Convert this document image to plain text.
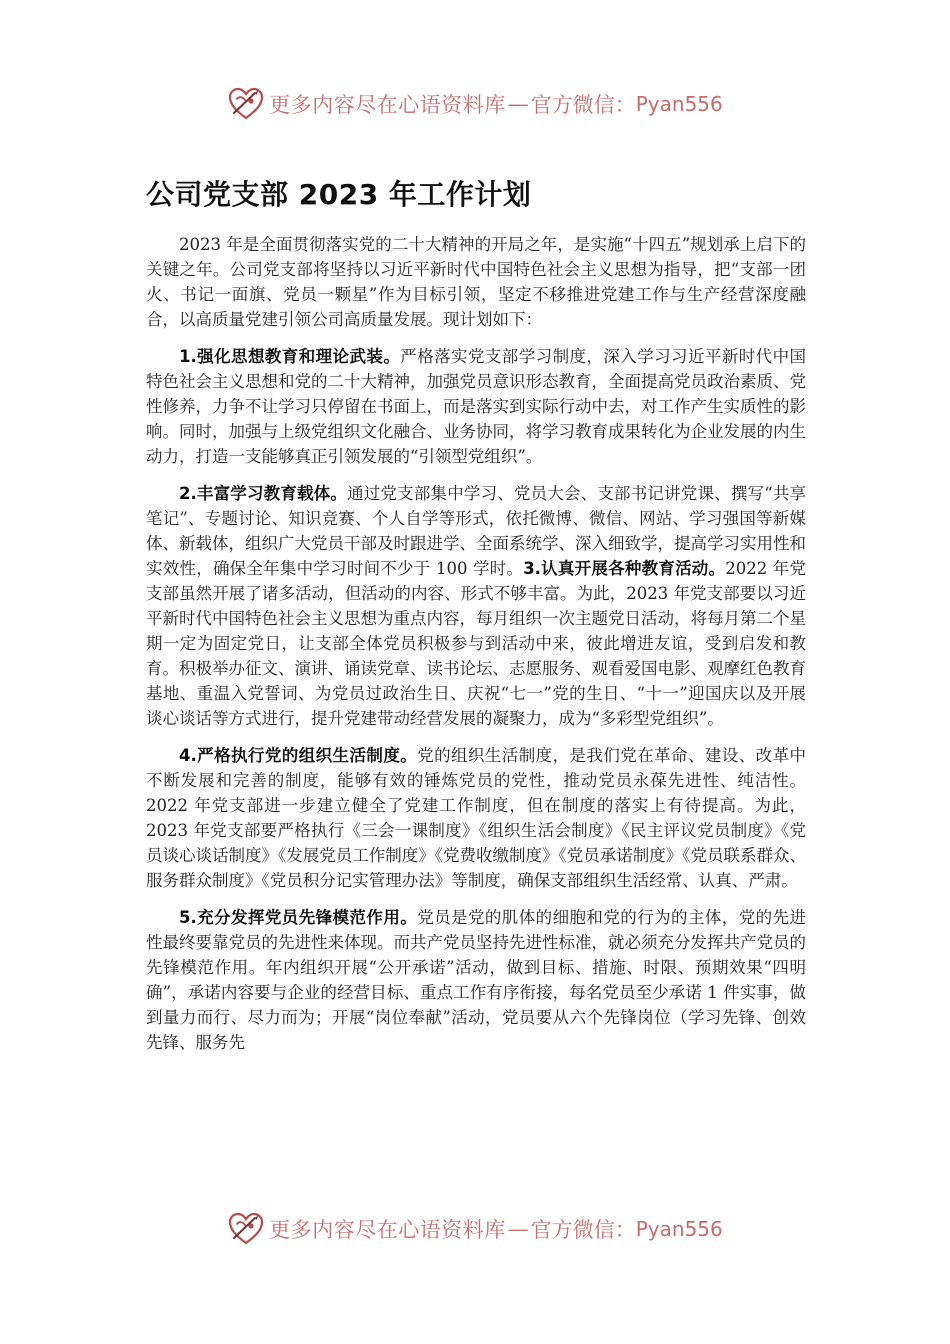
更多内容尽在心语资料库 — 官方微信： Pyan556
公司党支部 2023 年工作计划

2023 年是全面贯彻落实党的二十大精神的开局之年，是实施“十四五”规划承上启下的关键之年。公司党支部将坚持以习近平新时代中国特色社会主义思想为指导，把“支部一团火、书记一面旗、党员一颗星”作为目标引领，坚定不移推进党建工作与生产经营深度融合，以高质量党建引领公司高质量发展。现计划如下：

1.强化思想教育和理论武装。严格落实党支部学习制度，深入学习习近平新时代中国特色社会主义思想和党的二十大精神，加强党员意识形态教育，全面提高党员政治素质、党性修养，力争不让学习只停留在书面上，而是落实到实际行动中去，对工作产生实质性的影响。同时，加强与上级党组织文化融合、业务协同，将学习教育成果转化为企业发展的内生动力，打造一支能够真正引领发展的“引领型党组织”。

2.丰富学习教育载体。通过党支部集中学习、党员大会、支部书记讲党课、撰写“共享笔记”、专题讨论、知识竞赛、个人自学等形式，依托微博、微信、网站、学习强国等新媒体、新载体，组织广大党员干部及时跟进学、全面系统学、深入细致学，提高学习实用性和实效性，确保全年集中学习时间不少于 100 学时。3.认真开展各种教育活动。2022 年党支部虽然开展了诸多活动，但活动的内容、形式不够丰富。为此，2023 年党支部要以习近平新时代中国特色社会主义思想为重点内容，每月组织一次主题党日活动，将每月第二个星期一定为固定党日，让支部全体党员积极参与到活动中来，彼此增进友谊，受到启发和教育。积极举办征文、演讲、诵读党章、读书论坛、志愿服务、观看爱国电影、观摩红色教育基地、重温入党誓词、为党员过政治生日、庆祝“七一”党的生日、“十一”迎国庆以及开展谈心谈话等方式进行，提升党建带动经营发展的凝聚力，成为“多彩型党组织”。

4.严格执行党的组织生活制度。党的组织生活制度，是我们党在革命、建设、改革中不断发展和完善的制度，能够有效的锤炼党员的党性，推动党员永葆先进性、纯洁性。2022 年党支部进一步建立健全了党建工作制度，但在制度的落实上有待提高。为此，2023 年党支部要严格执行《三会一课制度》《组织生活会制度》《民主评议党员制度》《党员谈心谈话制度》《发展党员工作制度》《党费收缴制度》《党员承诺制度》《党员联系群众、服务群众制度》《党员积分记实管理办法》等制度，确保支部组织生活经常、认真、严肃。

5.充分发挥党员先锋模范作用。党员是党的肌体的细胞和党的行为的主体，党的先进性最终要靠党员的先进性来体现。而共产党员坚持先进性标准，就必须充分发挥共产党员的先锋模范作用。年内组织开展“公开承诺”活动，做到目标、措施、时限、预期效果“四明确”，承诺内容要与企业的经营目标、重点工作有序衔接，每名党员至少承诺 1 件实事，做到量力而行、尽力而为；开展“岗位奉献”活动，党员要从六个先锋岗位（学习先锋、创效先锋、服务先

更多内容尽在心语资料库 — 官方微信： Pyan556
